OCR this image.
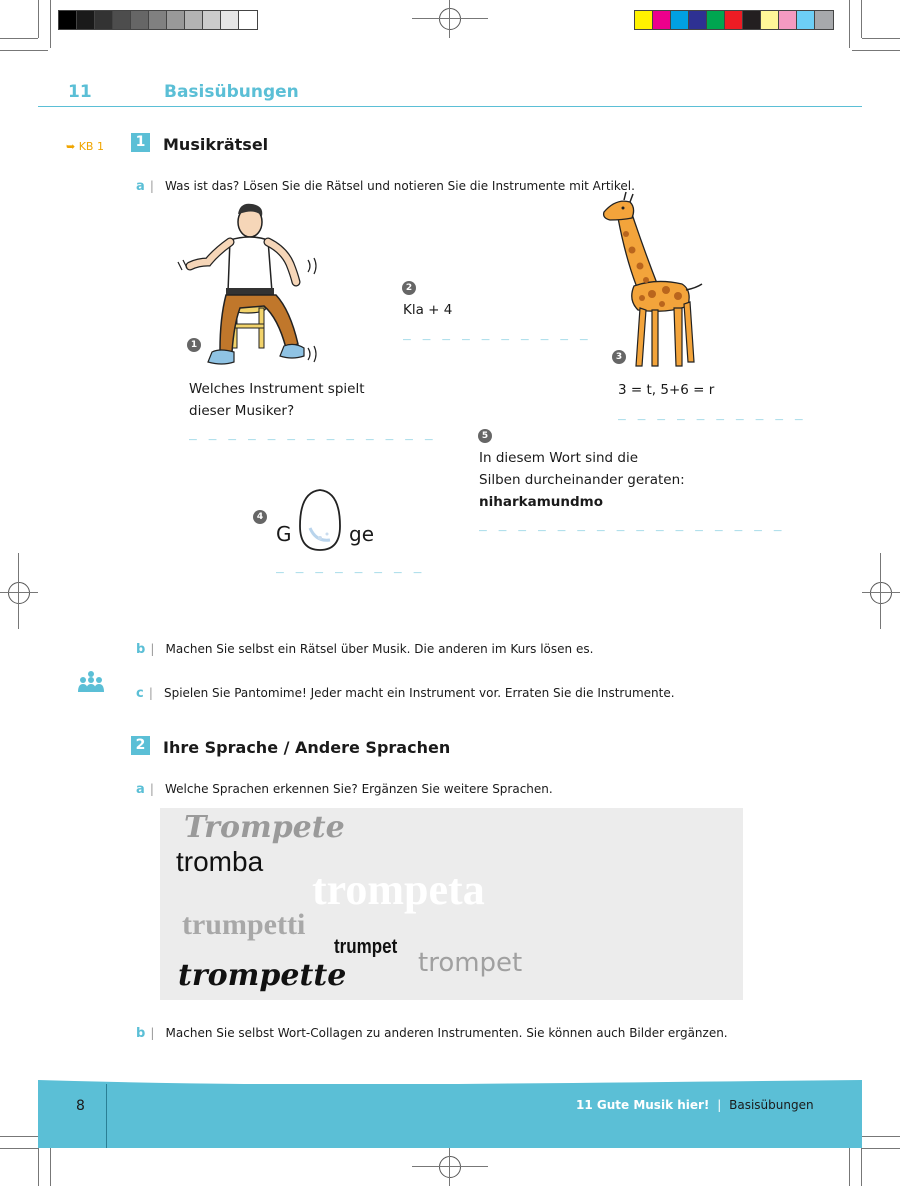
11	Basisübungen
➥ KB 1	1 Musikrätsel
a | Was ist das? Lösen Sie die Rätsel und notieren Sie die Instrumente mit Artikel.
1
Welches Instrument spielt
dieser Musiker?
_ _ _ _ _ _ _ _ _ _ _ _ _
2
Kla + 4
_ _ _ _ _ _ _ _ _ _
3
3 = t, 5+6 = r
_ _ _ _ _ _ _ _ _ _
4
G	ge
_ _ _ _ _ _ _ _
5
In diesem Wort sind die
Silben durcheinander geraten:
niharkamundmo
_ _ _ _ _ _ _ _ _ _ _ _ _ _ _ _
b | Machen Sie selbst ein Rätsel über Musik. Die anderen im Kurs lösen es.
c | Spielen Sie Pantomime! Jeder macht ein Instrument vor. Erraten Sie die Instrumente.
2 Ihre Sprache / Andere Sprachen
a | Welche Sprachen erkennen Sie? Ergänzen Sie weitere Sprachen.
Trompete
tromba
trompeta
trumpetti
trumpet
trompet
trompette
b | Machen Sie selbst Wort-Collagen zu anderen Instrumenten. Sie können auch Bilder ergänzen.
8	11 Gute Musik hier! | Basisübungen
